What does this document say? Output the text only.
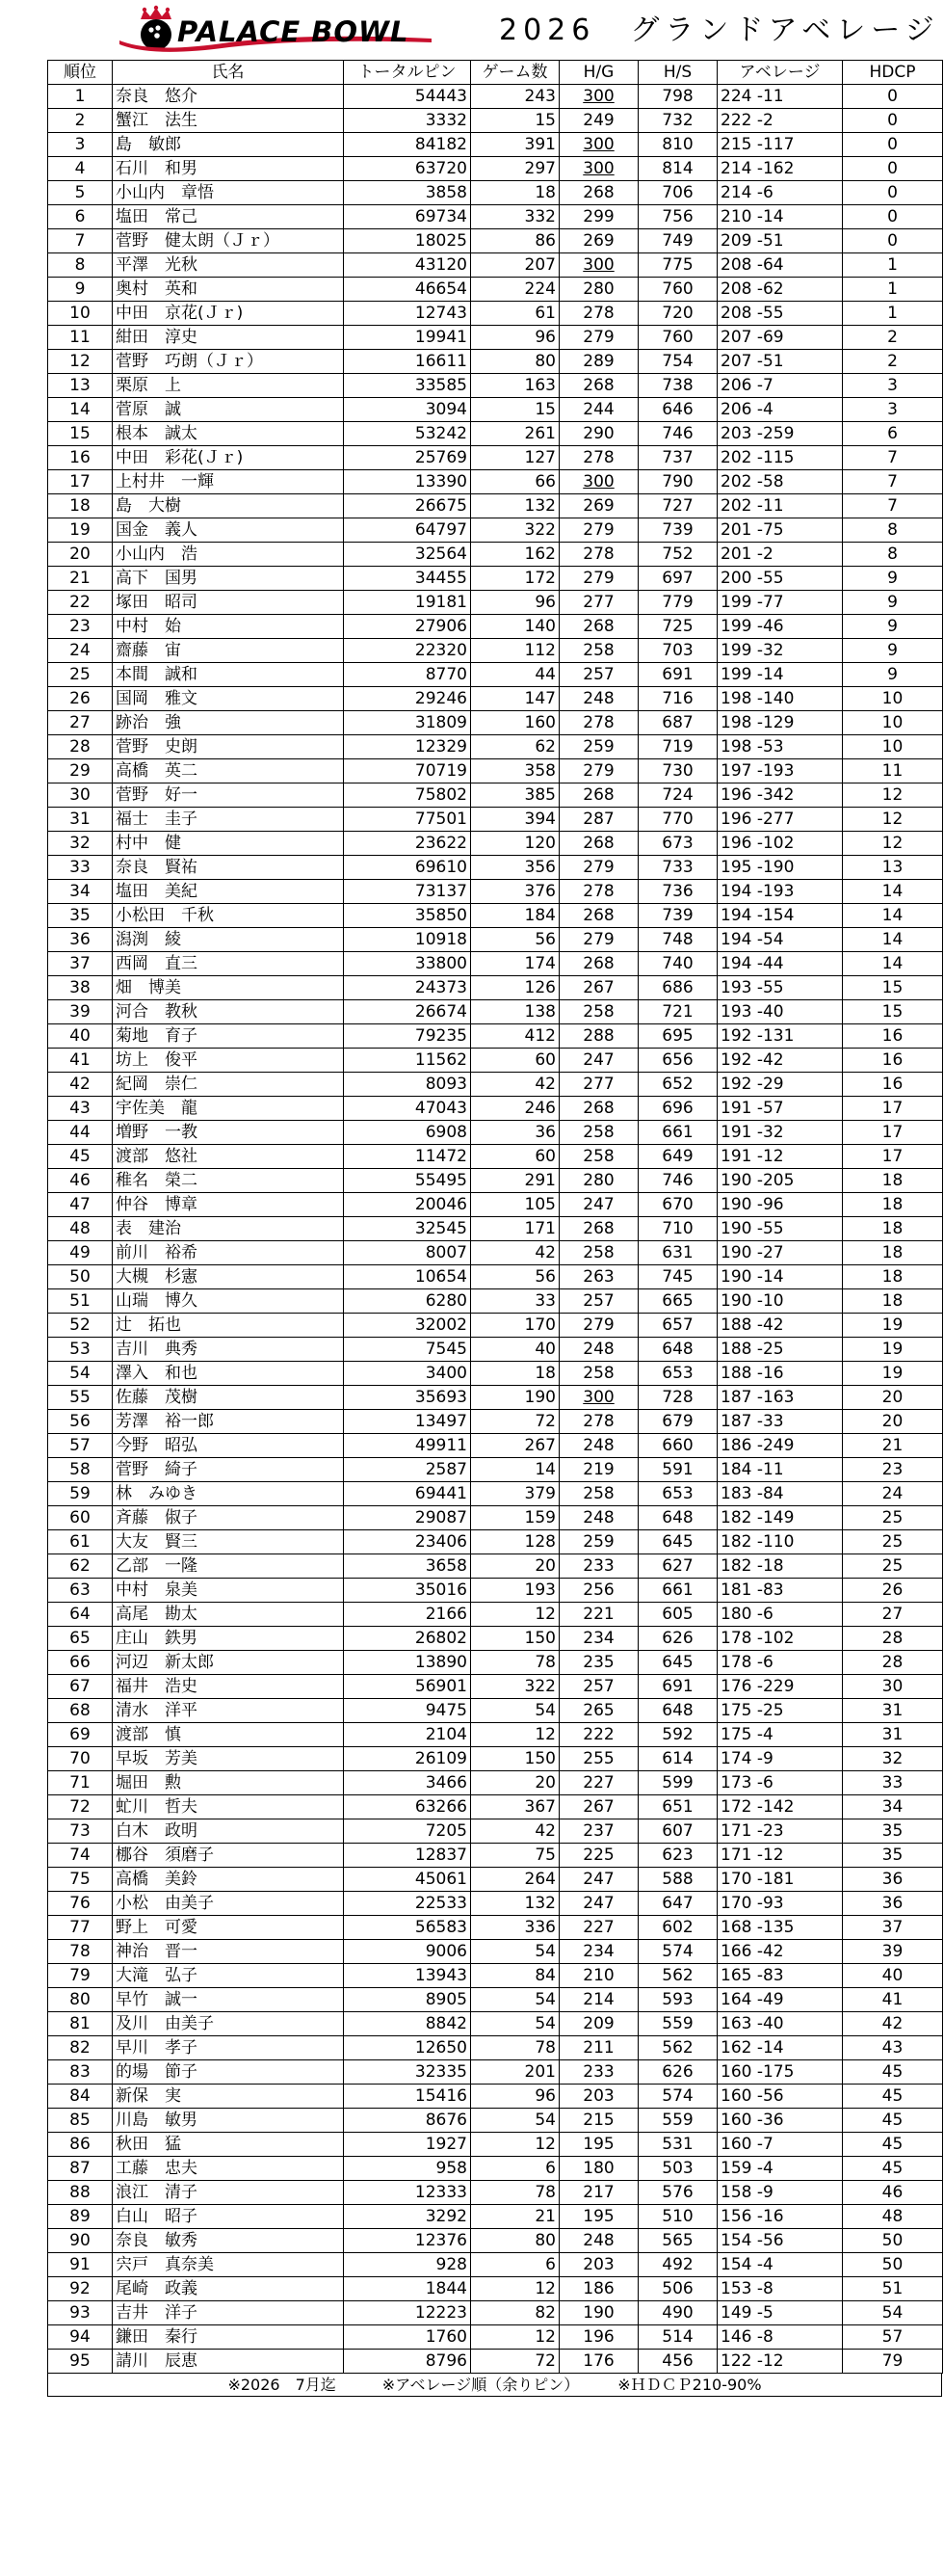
PALACE BOWL	2026　グランドアベレージ
順位	氏名	トータルピン	ゲーム数	H/G	H/S	アベレージ	HDCP
1	奈良　悠介	54443	243	300	798	224 -11	0
2	蟹江　法生	3332	15	249	732	222 -2	0
3	島　敏郎	84182	391	300	810	215 -117	0
4	石川　和男	63720	297	300	814	214 -162	0
5	小山内　章悟	3858	18	268	706	214 -6	0
6	塩田　常己	69734	332	299	756	210 -14	0
7	菅野　健太朗（Ｊｒ）	18025	86	269	749	209 -51	0
8	平澤　光秋	43120	207	300	775	208 -64	1
9	奥村　英和	46654	224	280	760	208 -62	1
10	中田　京花(Ｊｒ)	12743	61	278	720	208 -55	1
11	紺田　淳史	19941	96	279	760	207 -69	2
12	菅野　巧朗（Ｊｒ）	16611	80	289	754	207 -51	2
13	栗原　上	33585	163	268	738	206 -7	3
14	菅原　誠	3094	15	244	646	206 -4	3
15	根本　誠太	53242	261	290	746	203 -259	6
16	中田　彩花(Ｊｒ)	25769	127	278	737	202 -115	7
17	上村井　一輝	13390	66	300	790	202 -58	7
18	島　大樹	26675	132	269	727	202 -11	7
19	国金　義人	64797	322	279	739	201 -75	8
20	小山内　浩	32564	162	278	752	201 -2	8
21	高下　国男	34455	172	279	697	200 -55	9
22	塚田　昭司	19181	96	277	779	199 -77	9
23	中村　始	27906	140	268	725	199 -46	9
24	齋藤　宙	22320	112	258	703	199 -32	9
25	本間　誠和	8770	44	257	691	199 -14	9
26	国岡　雅文	29246	147	248	716	198 -140	10
27	跡治　強	31809	160	278	687	198 -129	10
28	菅野　史朗	12329	62	259	719	198 -53	10
29	高橋　英二	70719	358	279	730	197 -193	11
30	菅野　好一	75802	385	268	724	196 -342	12
31	福士　圭子	77501	394	287	770	196 -277	12
32	村中　健	23622	120	268	673	196 -102	12
33	奈良　賢祐	69610	356	279	733	195 -190	13
34	塩田　美紀	73137	376	278	736	194 -193	14
35	小松田　千秋	35850	184	268	739	194 -154	14
36	潟渕　綾	10918	56	279	748	194 -54	14
37	西岡　直三	33800	174	268	740	194 -44	14
38	畑　博美	24373	126	267	686	193 -55	15
39	河合　教秋	26674	138	258	721	193 -40	15
40	菊地　育子	79235	412	288	695	192 -131	16
41	坊上　俊平	11562	60	247	656	192 -42	16
42	紀岡　崇仁	8093	42	277	652	192 -29	16
43	宇佐美　龍	47043	246	268	696	191 -57	17
44	増野　一教	6908	36	258	661	191 -32	17
45	渡部　悠社	11472	60	258	649	191 -12	17
46	稚名　榮二	55495	291	280	746	190 -205	18
47	仲谷　博章	20046	105	247	670	190 -96	18
48	表　建治	32545	171	268	710	190 -55	18
49	前川　裕希	8007	42	258	631	190 -27	18
50	大槻　杉憲	10654	56	263	745	190 -14	18
51	山瑞　博久	6280	33	257	665	190 -10	18
52	辻　拓也	32002	170	279	657	188 -42	19
53	吉川　典秀	7545	40	248	648	188 -25	19
54	澤入　和也	3400	18	258	653	188 -16	19
55	佐藤　茂樹	35693	190	300	728	187 -163	20
56	芳澤　裕一郎	13497	72	278	679	187 -33	20
57	今野　昭弘	49911	267	248	660	186 -249	21
58	菅野　綺子	2587	14	219	591	184 -11	23
59	林　みゆき	69441	379	258	653	183 -84	24
60	斉藤　俶子	29087	159	248	648	182 -149	25
61	大友　賢三	23406	128	259	645	182 -110	25
62	乙部　一隆	3658	20	233	627	182 -18	25
63	中村　泉美	35016	193	256	661	181 -83	26
64	高尾　勘太	2166	12	221	605	180 -6	27
65	庄山　鉄男	26802	150	234	626	178 -102	28
66	河辺　新太郎	13890	78	235	645	178 -6	28
67	福井　浩史	56901	322	257	691	176 -229	30
68	清水　洋平	9475	54	265	648	175 -25	31
69	渡部　慎	2104	12	222	592	175 -4	31
70	早坂　芳美	26109	150	255	614	174 -9	32
71	堀田　勲	3466	20	227	599	173 -6	33
72	虻川　哲夫	63266	367	267	651	172 -142	34
73	白木　政明	7205	42	237	607	171 -23	35
74	梛谷　須磨子	12837	75	225	623	171 -12	35
75	高橋　美鈴	45061	264	247	588	170 -181	36
76	小松　由美子	22533	132	247	647	170 -93	36
77	野上　可愛	56583	336	227	602	168 -135	37
78	神治　晋一	9006	54	234	574	166 -42	39
79	大滝　弘子	13943	84	210	562	165 -83	40
80	早竹　誠一	8905	54	214	593	164 -49	41
81	及川　由美子	8842	54	209	559	163 -40	42
82	早川　孝子	12650	78	211	562	162 -14	43
83	的場　節子	32335	201	233	626	160 -175	45
84	新保　実	15416	96	203	574	160 -56	45
85	川島　敏男	8676	54	215	559	160 -36	45
86	秋田　猛	1927	12	195	531	160 -7	45
87	工藤　忠夫	958	6	180	503	159 -4	45
88	浪江　清子	12333	78	217	576	158 -9	46
89	白山　昭子	3292	21	195	510	156 -16	48
90	奈良　敏秀	12376	80	248	565	154 -56	50
91	宍戸　真奈美	928	6	203	492	154 -4	50
92	尾崎　政義	1844	12	186	506	153 -8	51
93	吉井　洋子	12223	82	190	490	149 -5	54
94	鎌田　秦行	1760	12	196	514	146 -8	57
95	請川　辰恵	8796	72	176	456	122 -12	79
※2026　7月迄　　　	※アベレージ順（余りピン）　　　	※ＨＤＣＰ210-90%
